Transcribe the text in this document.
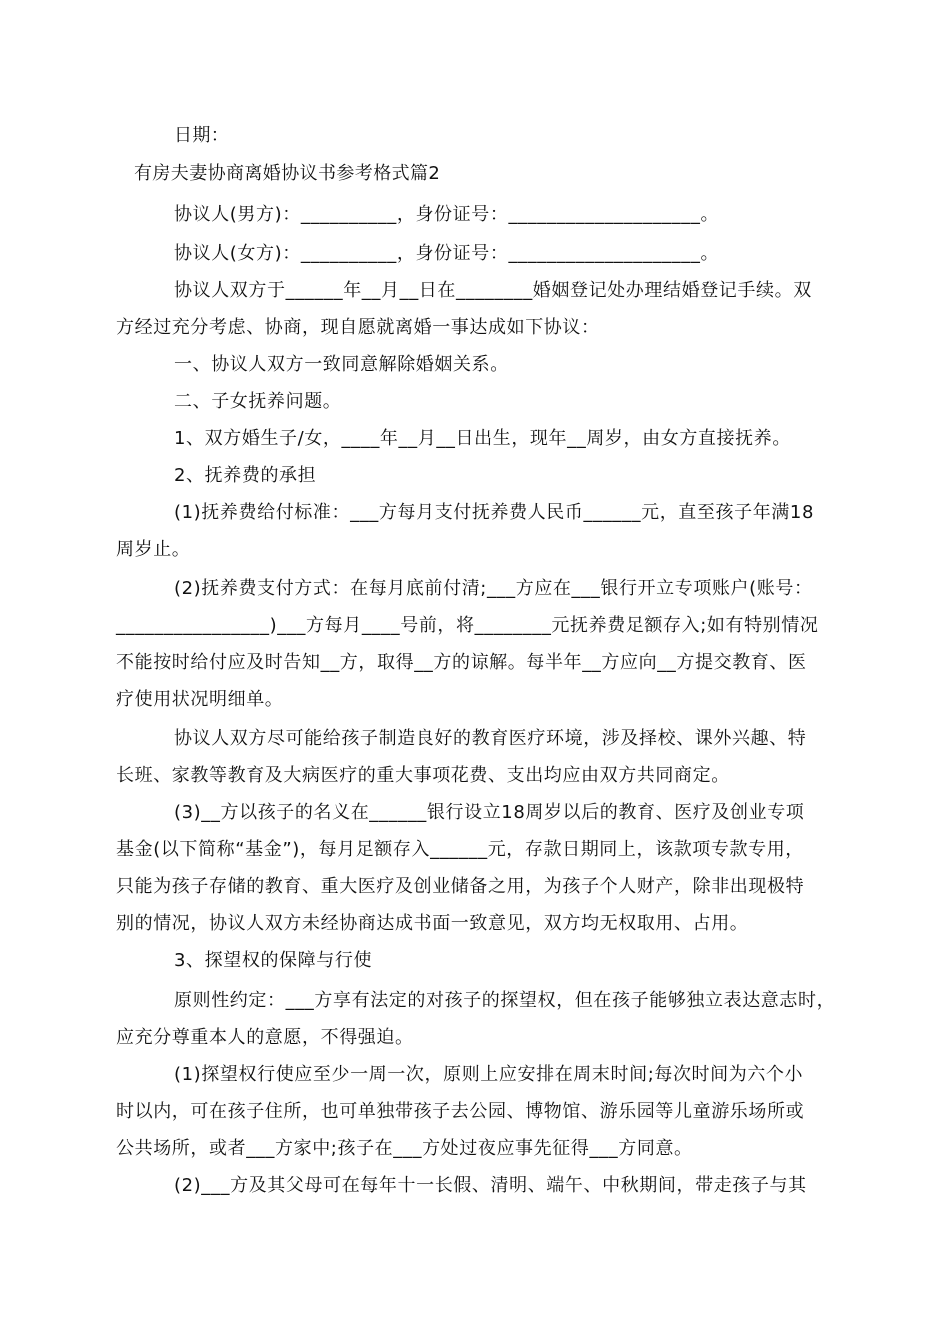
日期：
有房夫妻协商离婚协议书参考格式篇2
协议人(男方)：__________，身份证号：____________________。
协议人(女方)：__________，身份证号：____________________。
协议人双方于______年__月__日在________婚姻登记处办理结婚登记手续。双
方经过充分考虑、协商，现自愿就离婚一事达成如下协议：
一、协议人双方一致同意解除婚姻关系。
二、子女抚养问题。
1、双方婚生子/女，____年__月__日出生，现年__周岁，由女方直接抚养。
2、抚养费的承担
(1)抚养费给付标准：___方每月支付抚养费人民币______元，直至孩子年满18
周岁止。
(2)抚养费支付方式：在每月底前付清;___方应在___银行开立专项账户(账号：
________________)___方每月____号前，将________元抚养费足额存入;如有特别情况
不能按时给付应及时告知__方，取得__方的谅解。每半年__方应向__方提交教育、医
疗使用状况明细单。
协议人双方尽可能给孩子制造良好的教育医疗环境，涉及择校、课外兴趣、特
长班、家教等教育及大病医疗的重大事项花费、支出均应由双方共同商定。
(3)__方以孩子的名义在______银行设立18周岁以后的教育、医疗及创业专项
基金(以下简称“基金”)，每月足额存入______元，存款日期同上，该款项专款专用，
只能为孩子存储的教育、重大医疗及创业储备之用，为孩子个人财产，除非出现极特
别的情况，协议人双方未经协商达成书面一致意见，双方均无权取用、占用。
3、探望权的保障与行使
原则性约定：___方享有法定的对孩子的探望权，但在孩子能够独立表达意志时，
应充分尊重本人的意愿，不得强迫。
(1)探望权行使应至少一周一次，原则上应安排在周末时间;每次时间为六个小
时以内，可在孩子住所，也可单独带孩子去公园、博物馆、游乐园等儿童游乐场所或
公共场所，或者___方家中;孩子在___方处过夜应事先征得___方同意。
(2)___方及其父母可在每年十一长假、清明、端午、中秋期间，带走孩子与其
